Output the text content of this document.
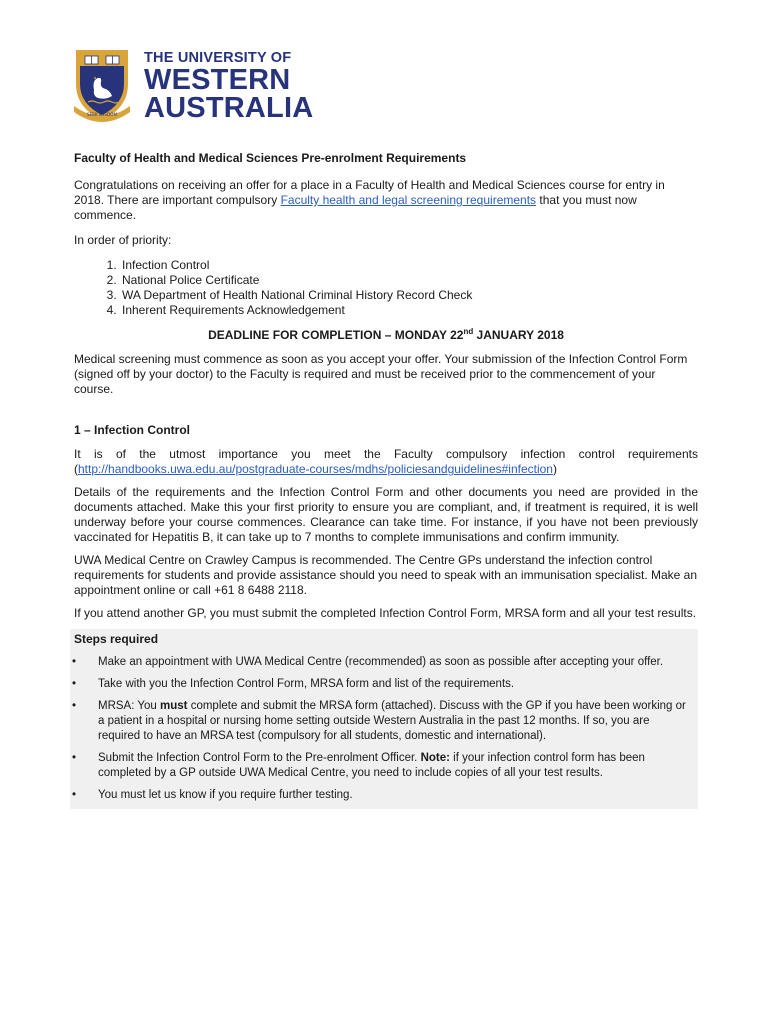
SEEK WISDOM
THE UNIVERSITY OF
WESTERN
AUSTRALIA

Faculty of Health and Medical Sciences Pre-enrolment Requirements

Congratulations on receiving an offer for a place in a Faculty of Health and Medical Sciences course for entry in 2018. There are important compulsory Faculty health and legal screening requirements that you must now commence.

In order of priority:

1. Infection Control
2. National Police Certificate
3. WA Department of Health National Criminal History Record Check
4. Inherent Requirements Acknowledgement

DEADLINE FOR COMPLETION – MONDAY 22nd JANUARY 2018

Medical screening must commence as soon as you accept your offer. Your submission of the Infection Control Form (signed off by your doctor) to the Faculty is required and must be received prior to the commencement of your course.

1 – Infection Control

It is of the utmost importance you meet the Faculty compulsory infection control requirements

(http://handbooks.uwa.edu.au/postgraduate-courses/mdhs/policiesandguidelines#infection)

Details of the requirements and the Infection Control Form and other documents you need are provided in the documents attached. Make this your first priority to ensure you are compliant, and, if treatment is required, it is well underway before your course commences. Clearance can take time. For instance, if you have not been previously vaccinated for Hepatitis B, it can take up to 7 months to complete immunisations and confirm immunity.

UWA Medical Centre on Crawley Campus is recommended. The Centre GPs understand the infection control requirements for students and provide assistance should you need to speak with an immunisation specialist. Make an appointment online or call +61 8 6488 2118.

If you attend another GP, you must submit the completed Infection Control Form, MRSA form and all your test results.

Steps required

• Make an appointment with UWA Medical Centre (recommended) as soon as possible after accepting your offer.
• Take with you the Infection Control Form, MRSA form and list of the requirements.
• MRSA: You must complete and submit the MRSA form (attached). Discuss with the GP if you have been working or a patient in a hospital or nursing home setting outside Western Australia in the past 12 months. If so, you are required to have an MRSA test (compulsory for all students, domestic and international).
• Submit the Infection Control Form to the Pre-enrolment Officer. Note: if your infection control form has been completed by a GP outside UWA Medical Centre, you need to include copies of all your test results.
• You must let us know if you require further testing.
